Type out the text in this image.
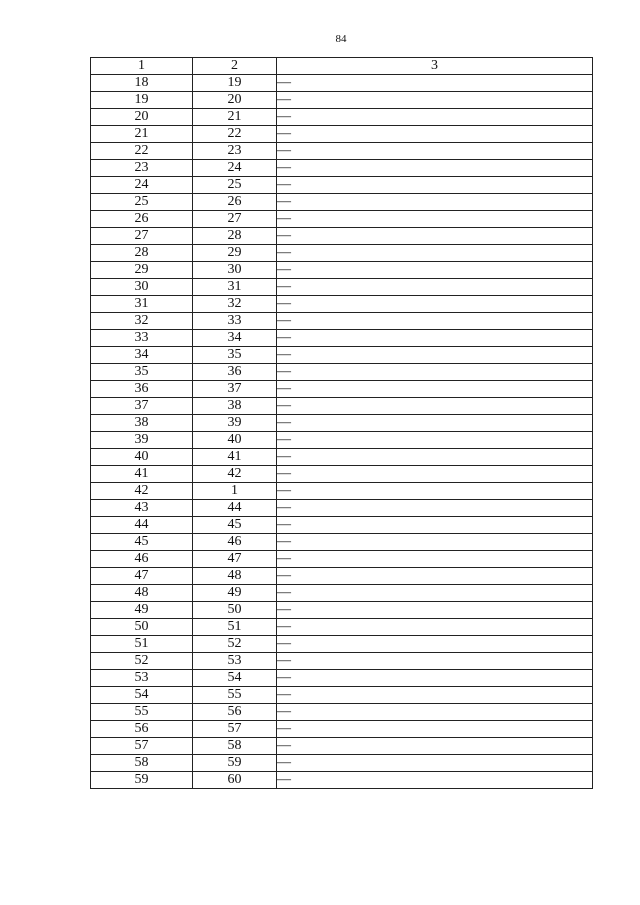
84
1	2	3
18	19	—
19	20	—
20	21	—
21	22	—
22	23	—
23	24	—
24	25	—
25	26	—
26	27	—
27	28	—
28	29	—
29	30	—
30	31	—
31	32	—
32	33	—
33	34	—
34	35	—
35	36	—
36	37	—
37	38	—
38	39	—
39	40	—
40	41	—
41	42	—
42	1	—
43	44	—
44	45	—
45	46	—
46	47	—
47	48	—
48	49	—
49	50	—
50	51	—
51	52	—
52	53	—
53	54	—
54	55	—
55	56	—
56	57	—
57	58	—
58	59	—
59	60	—
